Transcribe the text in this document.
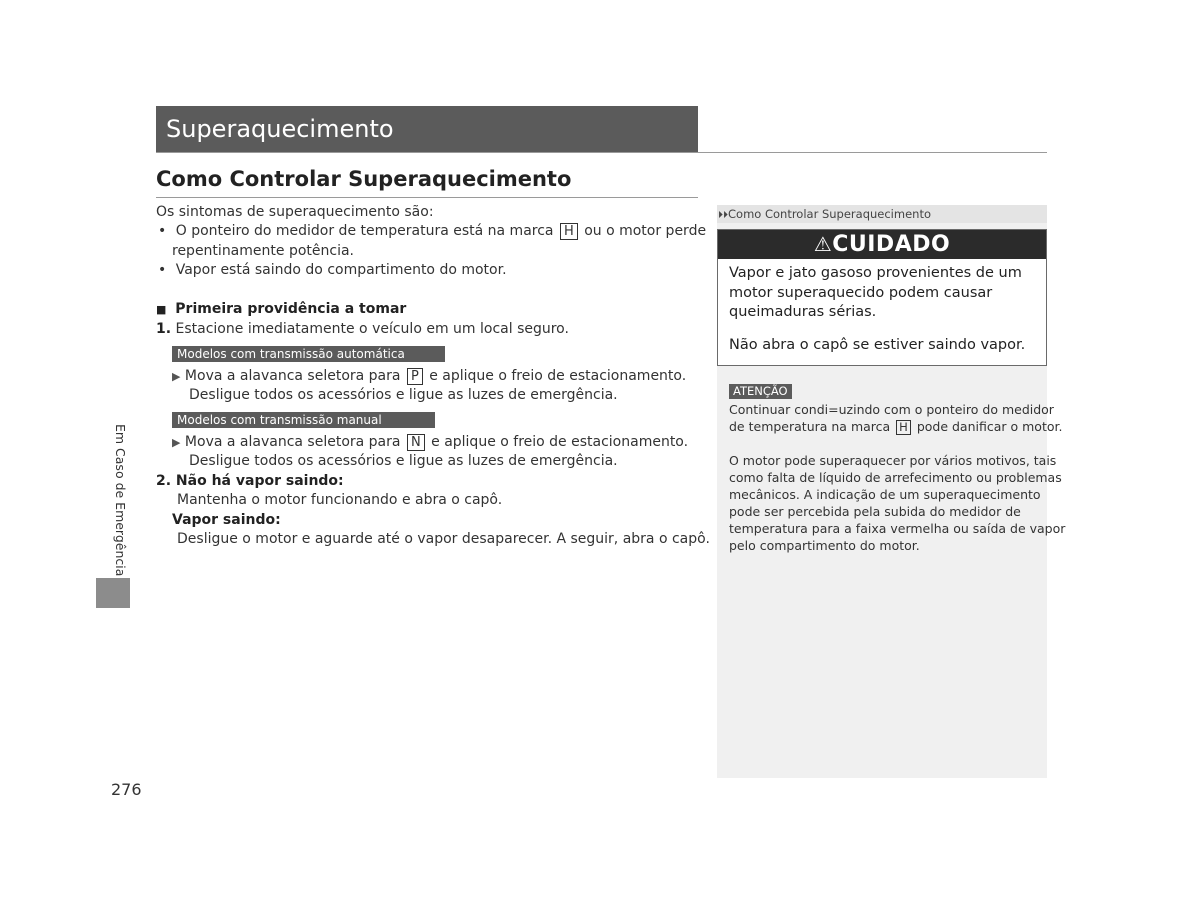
Superaquecimento
Como Controlar Superaquecimento
Os sintomas de superaquecimento são:
• O ponteiro do medidor de temperatura está na marca H ou o motor perde
repentinamente potência.
• Vapor está saindo do compartimento do motor.
■ Primeira providência a tomar
1. Estacione imediatamente o veículo em um local seguro.
Modelos com transmissão automática
▶ Mova a alavanca seletora para P e aplique o freio de estacionamento.
Desligue todos os acessórios e ligue as luzes de emergência.
Modelos com transmissão manual
▶ Mova a alavanca seletora para N e aplique o freio de estacionamento.
Desligue todos os acessórios e ligue as luzes de emergência.
2. Não há vapor saindo:
Mantenha o motor funcionando e abra o capô.
Vapor saindo:
Desligue o motor e aguarde até o vapor desaparecer. A seguir, abra o capô.
Em Caso de Emergência
276
⏵⏵Como Controlar Superaquecimento
⚠CUIDADO
Vapor e jato gasoso provenientes de um
motor superaquecido podem causar
queimaduras sérias.
Não abra o capô se estiver saindo vapor.
ATENÇÃO
Continuar condi=uzindo com o ponteiro do medidor
de temperatura na marca H pode danificar o motor.
O motor pode superaquecer por vários motivos, tais
como falta de líquido de arrefecimento ou problemas
mecânicos. A indicação de um superaquecimento
pode ser percebida pela subida do medidor de
temperatura para a faixa vermelha ou saída de vapor
pelo compartimento do motor.
